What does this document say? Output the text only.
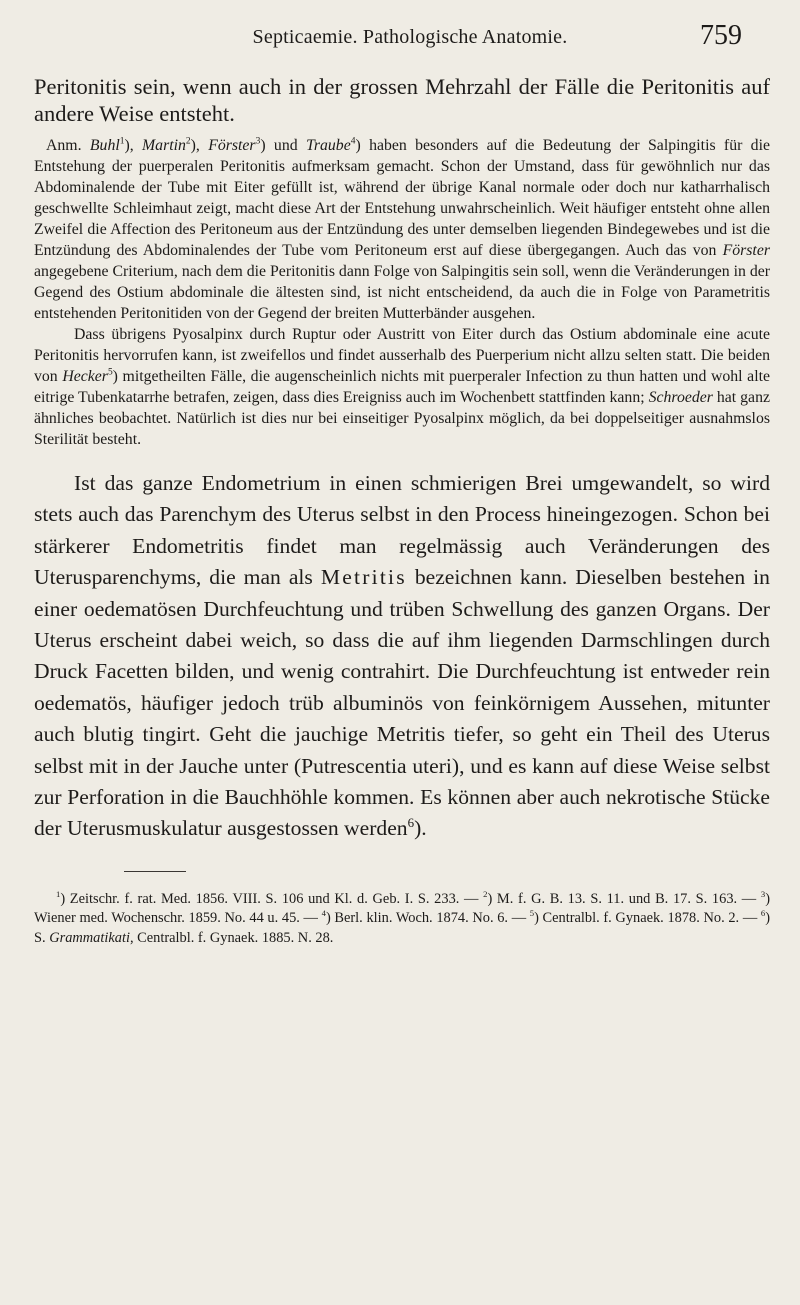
Septicaemie. Pathologische Anatomie.	759

Peritonitis sein, wenn auch in der grossen Mehrzahl der Fälle die Peritonitis auf andere Weise entsteht.

Anm. Buhl$^1$), Martin$^2$), Förster$^3$) und Traube$^4$) haben besonders auf die Bedeutung der Salpingitis für die Entstehung der puerperalen Peritonitis aufmerksam gemacht. Schon der Umstand, dass für gewöhnlich nur das Abdominalende der Tube mit Eiter gefüllt ist, während der übrige Kanal normale oder doch nur katharrhalisch geschwellte Schleimhaut zeigt, macht diese Art der Entstehung unwahrscheinlich. Weit häufiger entsteht ohne allen Zweifel die Affection des Peritoneum aus der Entzündung des unter demselben liegenden Bindegewebes und ist die Entzündung des Abdominalendes der Tube vom Peritoneum erst auf diese übergegangen. Auch das von Förster angegebene Criterium, nach dem die Peritonitis dann Folge von Salpingitis sein soll, wenn die Veränderungen in der Gegend des Ostium abdominale die ältesten sind, ist nicht entscheidend, da auch die in Folge von Parametritis entstehenden Peritonitiden von der Gegend der breiten Mutterbänder ausgehen.

Dass übrigens Pyosalpinx durch Ruptur oder Austritt von Eiter durch das Ostium abdominale eine acute Peritonitis hervorrufen kann, ist zweifellos und findet ausserhalb des Puerperium nicht allzu selten statt. Die beiden von Hecker$^5$) mitgetheilten Fälle, die augenscheinlich nichts mit puerperaler Infection zu thun hatten und wohl alte eitrige Tubenkatarrhe betrafen, zeigen, dass dies Ereigniss auch im Wochenbett stattfinden kann; Schroeder hat ganz ähnliches beobachtet. Natürlich ist dies nur bei einseitiger Pyosalpinx möglich, da bei doppelseitiger ausnahmslos Sterilität besteht.

Ist das ganze Endometrium in einen schmierigen Brei umgewandelt, so wird stets auch das Parenchym des Uterus selbst in den Process hineingezogen. Schon bei stärkerer Endometritis findet man regelmässig auch Veränderungen des Uterusparenchyms, die man als Metritis bezeichnen kann. Dieselben bestehen in einer oedematösen Durchfeuchtung und trüben Schwellung des ganzen Organs. Der Uterus erscheint dabei weich, so dass die auf ihm liegenden Darmschlingen durch Druck Facetten bilden, und wenig contrahirt. Die Durchfeuchtung ist entweder rein oedematös, häufiger jedoch trüb albuminös von feinkörnigem Aussehen, mitunter auch blutig tingirt. Geht die jauchige Metritis tiefer, so geht ein Theil des Uterus selbst mit in der Jauche unter (Putrescentia uteri), und es kann auf diese Weise selbst zur Perforation in die Bauchhöhle kommen. Es können aber auch nekrotische Stücke der Uterusmuskulatur ausgestossen werden$^6$).

$^1$) Zeitschr. f. rat. Med. 1856. VIII. S. 106 und Kl. d. Geb. I. S. 233. — $^2$) M. f. G. B. 13. S. 11. und B. 17. S. 163. — $^3$) Wiener med. Wochenschr. 1859. No. 44 u. 45. — $^4$) Berl. klin. Woch. 1874. No. 6. — $^5$) Centralbl. f. Gynaek. 1878. No. 2. — $^6$) S. Grammatikati, Centralbl. f. Gynaek. 1885. N. 28.
